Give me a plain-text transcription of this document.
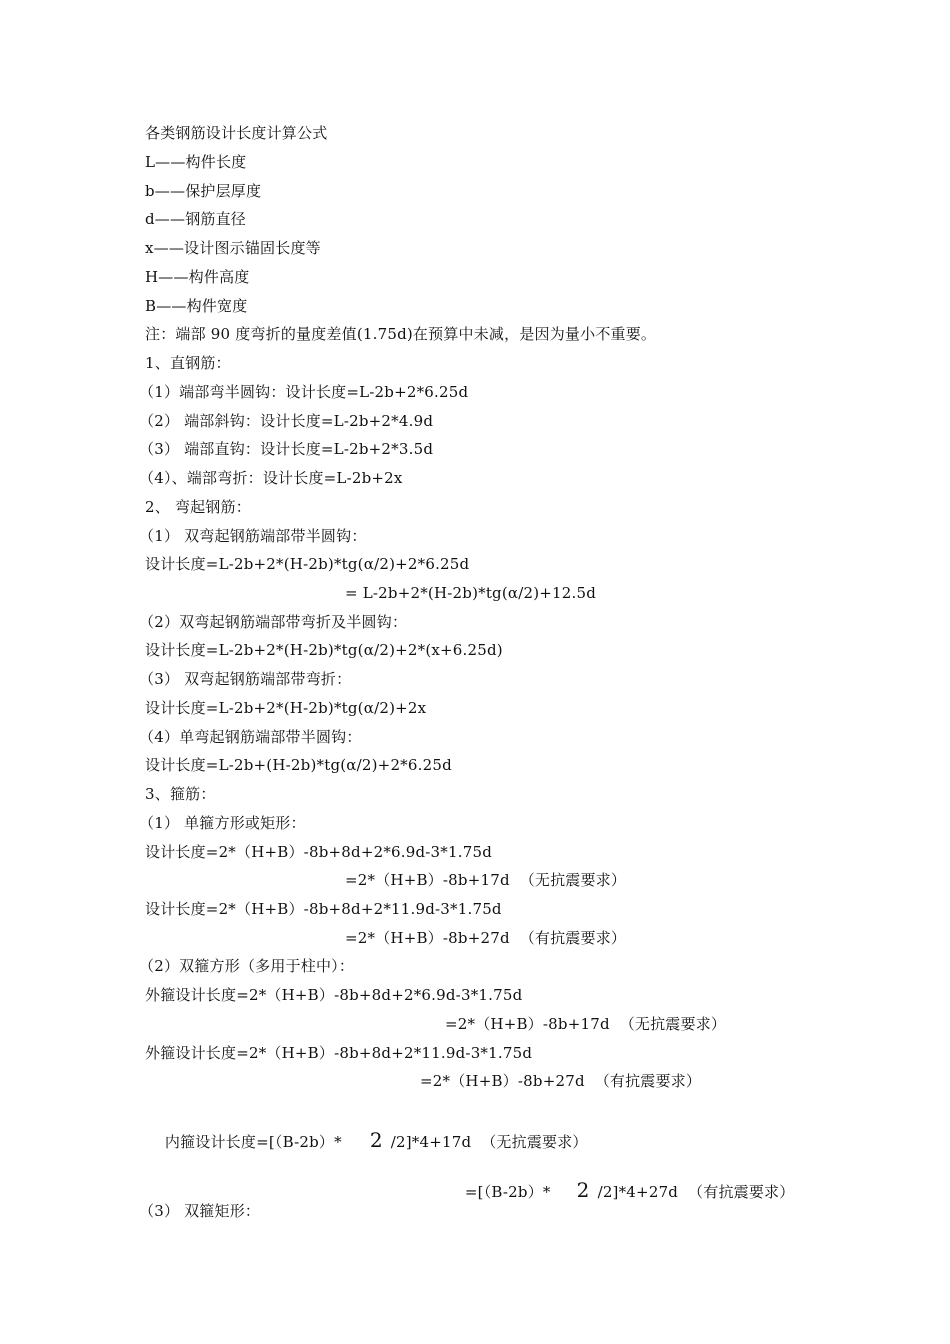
各类钢筋设计长度计算公式
L——构件长度
b——保护层厚度
d——钢筋直径
x——设计图示锚固长度等
H——构件高度
B——构件宽度
注：端部 90 度弯折的量度差值(1.75d)在预算中未减，是因为量小不重要。
1、直钢筋：
（1）端部弯半圆钩：设计长度=L-2b+2*6.25d
（2） 端部斜钩：设计长度=L-2b+2*4.9d
（3） 端部直钩：设计长度=L-2b+2*3.5d
（4）、端部弯折：设计长度=L-2b+2x
2、 弯起钢筋：
（1） 双弯起钢筋端部带半圆钩：
设计长度=L-2b+2*(H-2b)*tg(α/2)+2*6.25d
= L-2b+2*(H-2b)*tg(α/2)+12.5d
（2）双弯起钢筋端部带弯折及半圆钩：
设计长度=L-2b+2*(H-2b)*tg(α/2)+2*(x+6.25d)
（3） 双弯起钢筋端部带弯折：
设计长度=L-2b+2*(H-2b)*tg(α/2)+2x
（4）单弯起钢筋端部带半圆钩：
设计长度=L-2b+(H-2b)*tg(α/2)+2*6.25d
3、箍筋：
（1） 单箍方形或矩形：
设计长度=2*（H+B）-8b+8d+2*6.9d-3*1.75d
=2*（H+B）-8b+17d  （无抗震要求）
设计长度=2*（H+B）-8b+8d+2*11.9d-3*1.75d
=2*（H+B）-8b+27d  （有抗震要求）
（2）双箍方形（多用于柱中）：
外箍设计长度=2*（H+B）-8b+8d+2*6.9d-3*1.75d
=2*（H+B）-8b+17d  （无抗震要求）
外箍设计长度=2*（H+B）-8b+8d+2*11.9d-3*1.75d
=2*（H+B）-8b+27d  （有抗震要求）

内箍设计长度=[（B-2b）* 2 /2]*4+17d  （无抗震要求）

=[（B-2b）* 2 /2]*4+27d  （有抗震要求）

（3） 双箍矩形：
